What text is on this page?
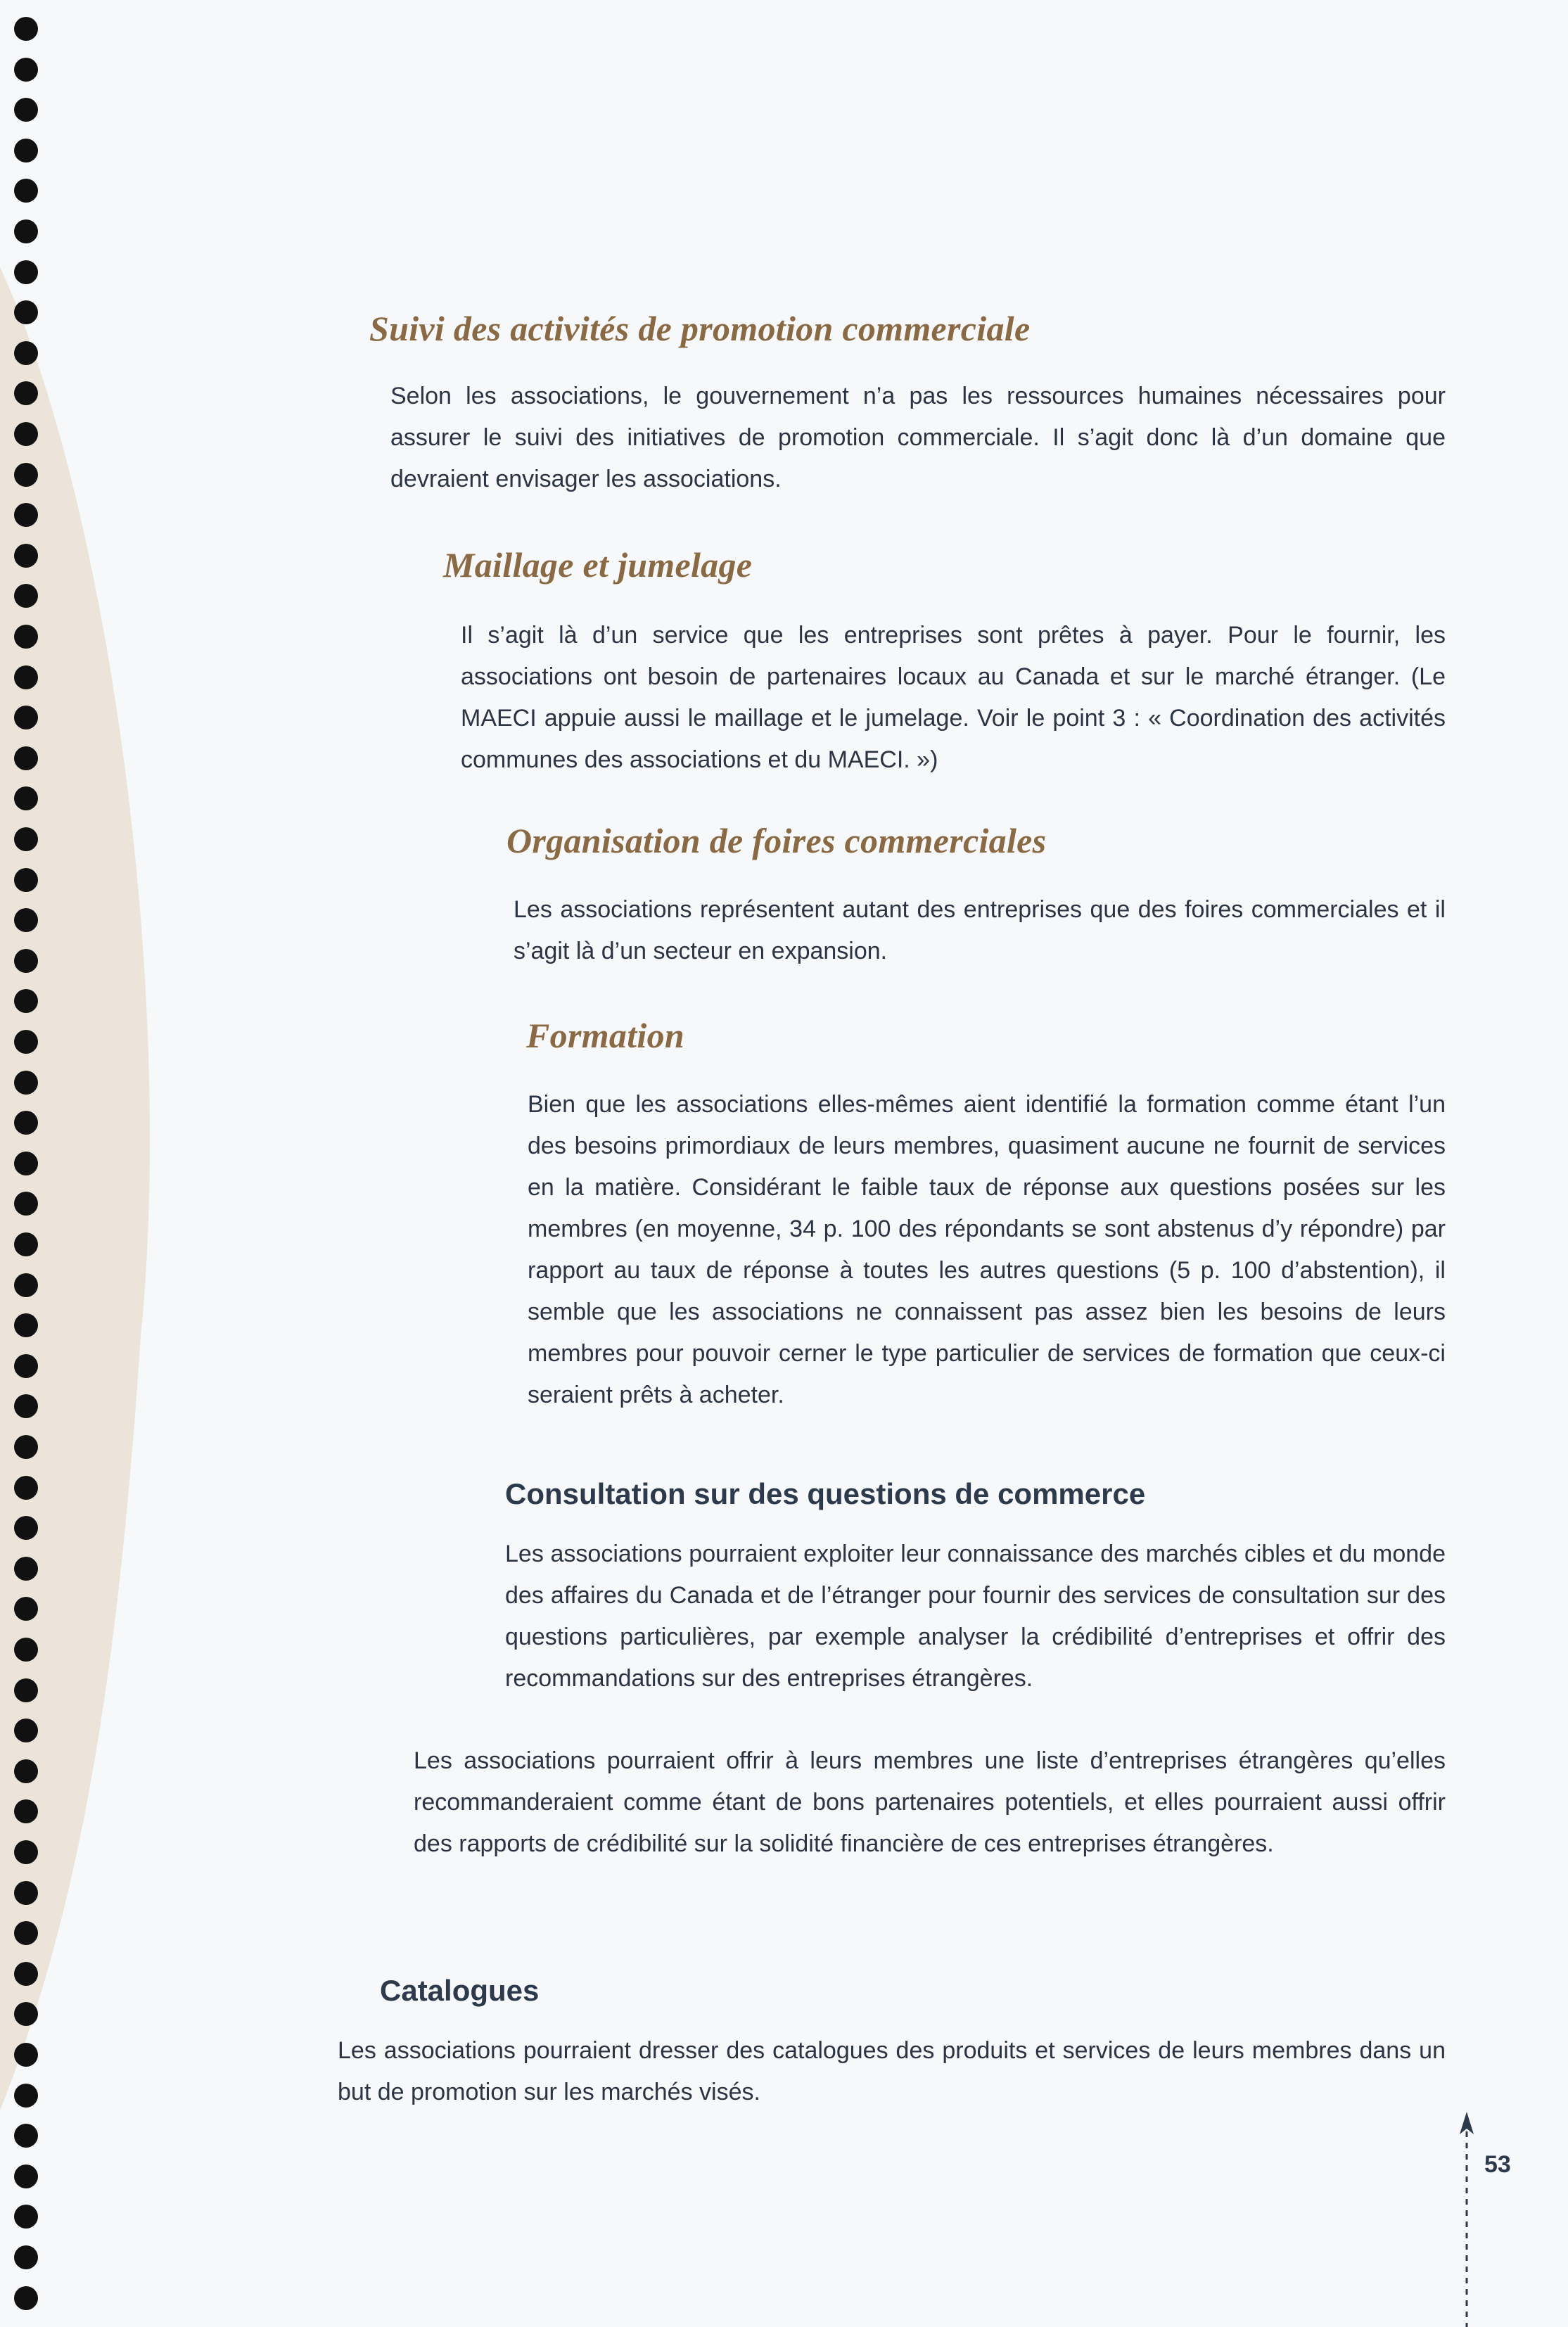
Suivi des activités de promotion commerciale

Selon les associations, le gouvernement n’a pas les ressources humaines nécessaires pour assurer le suivi des initiatives de promotion commerciale. Il s’agit donc là d’un domaine que devraient envisager les associations.

Maillage et jumelage

Il s’agit là d’un service que les entreprises sont prêtes à payer. Pour le fournir, les associations ont besoin de partenaires locaux au Canada et sur le marché étranger. (Le MAECI appuie aussi le maillage et le jumelage. Voir le point 3 : « Coordination des activités communes des associations et du MAECI. »)

Organisation de foires commerciales

Les associations représentent autant des entreprises que des foires commerciales et il s’agit là d’un secteur en expansion.

Formation

Bien que les associations elles-mêmes aient identifié la formation comme étant l’un des besoins primordiaux de leurs membres, quasiment aucune ne fournit de services en la matière. Considérant le faible taux de réponse aux questions posées sur les membres (en moyenne, 34 p. 100 des répondants se sont abstenus d’y répondre) par rapport au taux de réponse à toutes les autres questions (5 p. 100 d’abstention), il semble que les associations ne connaissent pas assez bien les besoins de leurs membres pour pouvoir cerner le type particulier de services de formation que ceux-ci seraient prêts à acheter.

Consultation sur des questions de commerce

Les associations pourraient exploiter leur connaissance des marchés cibles et du monde des affaires du Canada et de l’étranger pour fournir des services de consultation sur des questions particulières, par exemple analyser la crédibilité d’entreprises et offrir des recommandations sur des entreprises étrangères.

Les associations pourraient offrir à leurs membres une liste d’entreprises étrangères qu’elles recommanderaient comme étant de bons partenaires potentiels, et elles pourraient aussi offrir des rapports de crédibilité sur la solidité financière de ces entreprises étrangères.

Catalogues

Les associations pourraient dresser des catalogues des produits et services de leurs membres dans un but de promotion sur les marchés visés.

53
